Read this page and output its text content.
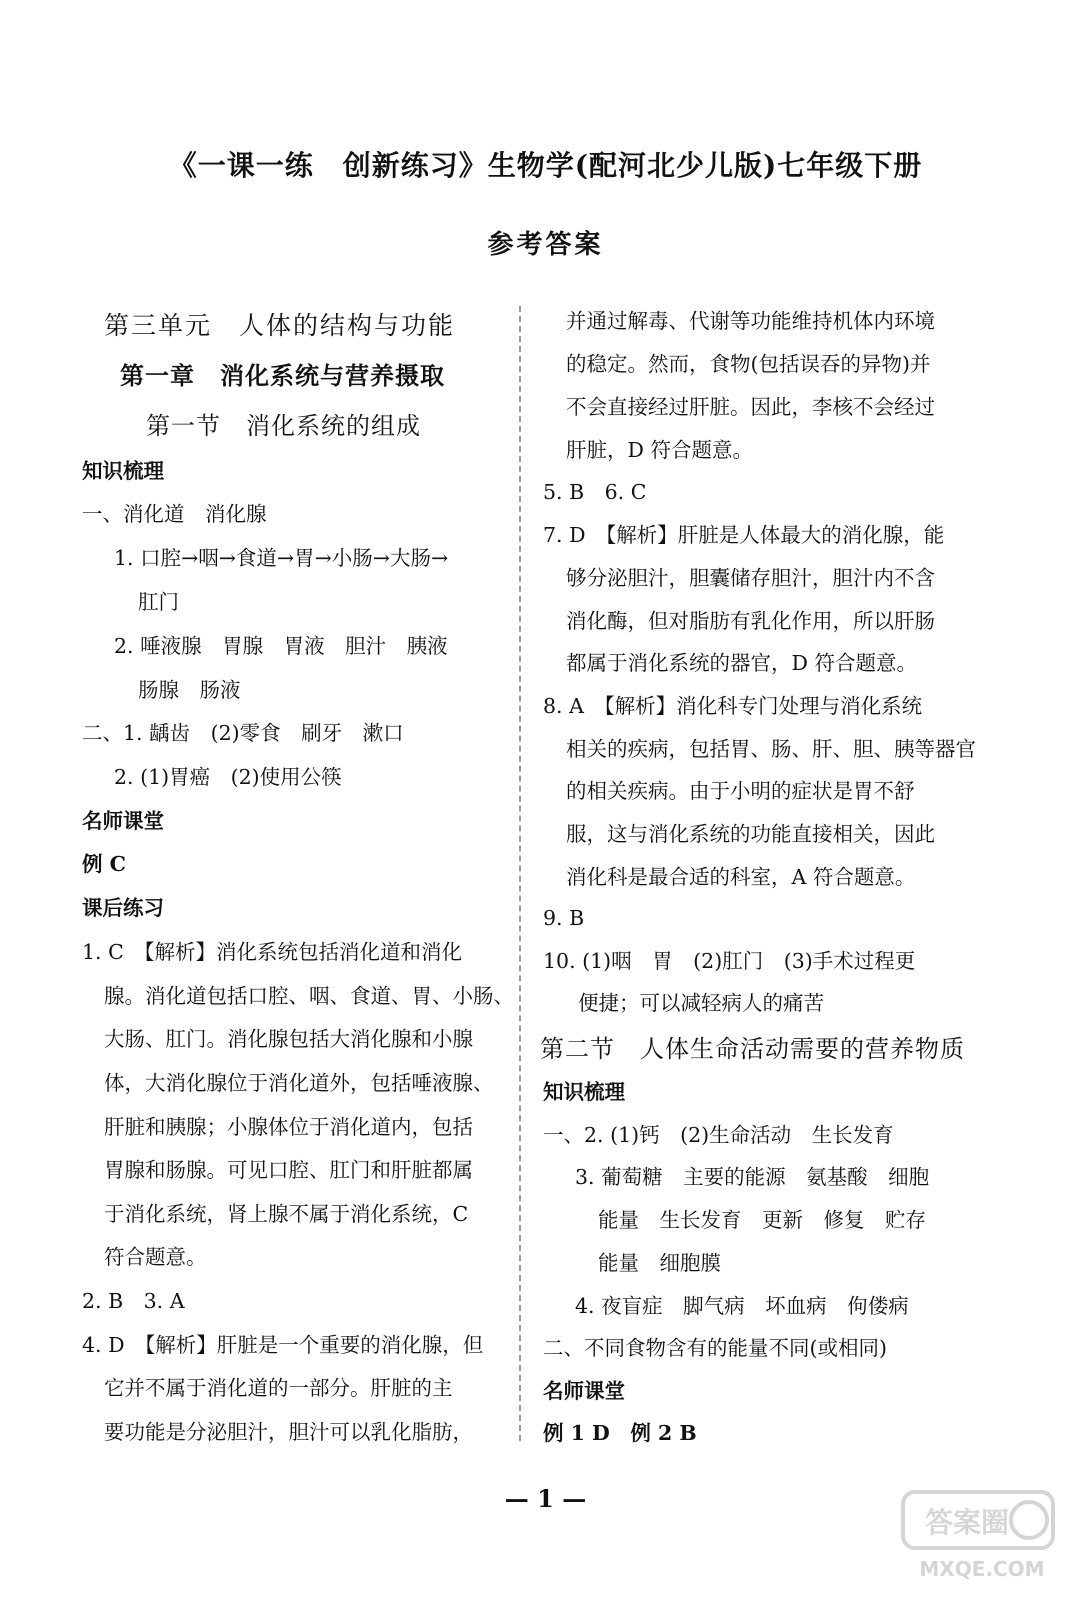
《一课一练　创新练习》生物学(配河北少儿版)七年级下册
参考答案
第三单元　人体的结构与功能
第一章　消化系统与营养摄取
第一节　消化系统的组成
知识梳理
一、消化道　消化腺
1. 口腔→咽→食道→胃→小肠→大肠→
肛门
2. 唾液腺　胃腺　胃液　胆汁　胰液
肠腺　肠液
二、1. 龋齿　(2)零食　刷牙　漱口
2. (1)胃癌　(2)使用公筷
名师课堂
例 C
课后练习
1. C　【解析】消化系统包括消化道和消化
腺。消化道包括口腔、咽、食道、胃、小肠、
大肠、肛门。消化腺包括大消化腺和小腺
体，大消化腺位于消化道外，包括唾液腺、
肝脏和胰腺；小腺体位于消化道内，包括
胃腺和肠腺。可见口腔、肛门和肝脏都属
于消化系统，肾上腺不属于消化系统，C
符合题意。
2. B　3. A
4. D　【解析】肝脏是一个重要的消化腺，但
它并不属于消化道的一部分。肝脏的主
要功能是分泌胆汁，胆汁可以乳化脂肪，
并通过解毒、代谢等功能维持机体内环境
的稳定。然而，食物(包括误吞的异物)并
不会直接经过肝脏。因此，李核不会经过
肝脏，D 符合题意。
5. B　6. C
7. D　【解析】肝脏是人体最大的消化腺，能
够分泌胆汁，胆囊储存胆汁，胆汁内不含
消化酶，但对脂肪有乳化作用，所以肝肠
都属于消化系统的器官，D 符合题意。
8. A　【解析】消化科专门处理与消化系统
相关的疾病，包括胃、肠、肝、胆、胰等器官
的相关疾病。由于小明的症状是胃不舒
服，这与消化系统的功能直接相关，因此
消化科是最合适的科室，A 符合题意。
9. B
10. (1)咽　胃　(2)肛门　(3)手术过程更
便捷；可以减轻病人的痛苦
第二节　人体生命活动需要的营养物质
知识梳理
一、2. (1)钙　(2)生命活动　生长发育
3. 葡萄糖　主要的能源　氨基酸　细胞
能量　生长发育　更新　修复　贮存
能量　细胞膜
4. 夜盲症　脚气病　坏血病　佝偻病
二、不同食物含有的能量不同(或相同)
名师课堂
例 1 D　例 2 B
— 1 —
答案圈
MXQE.COM
